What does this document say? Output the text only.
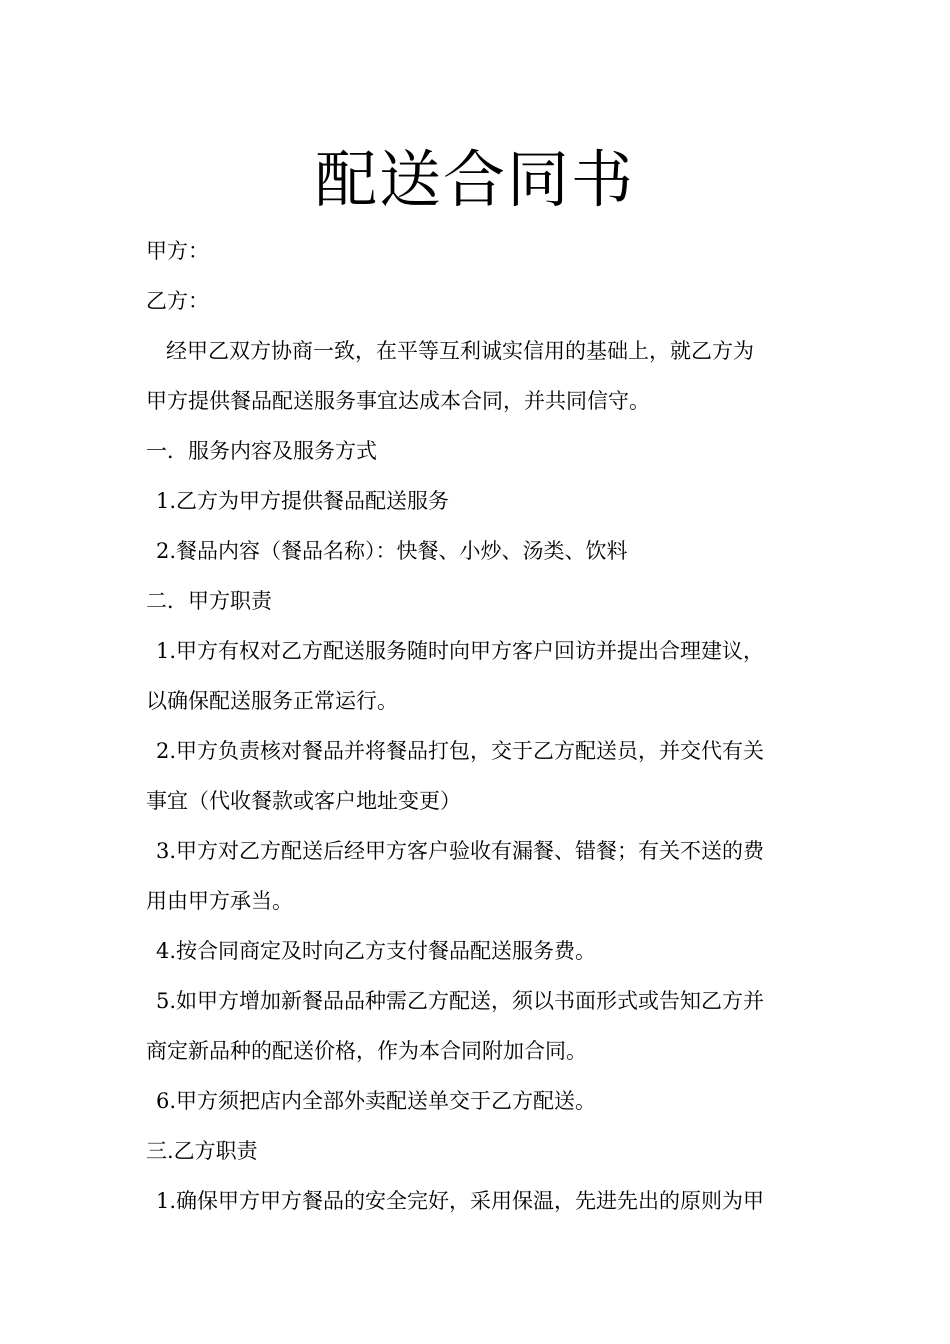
配送合同书

甲方：

乙方：

经甲乙双方协商一致，在平等互利诚实信用的基础上，就乙方为

甲方提供餐品配送服务事宜达成本合同，并共同信守。

一．服务内容及服务方式

1.乙方为甲方提供餐品配送服务

2.餐品内容（餐品名称）：快餐、小炒、汤类、饮料

二．甲方职责

1.甲方有权对乙方配送服务随时向甲方客户回访并提出合理建议，

以确保配送服务正常运行。

2.甲方负责核对餐品并将餐品打包，交于乙方配送员，并交代有关

事宜（代收餐款或客户地址变更）

3.甲方对乙方配送后经甲方客户验收有漏餐、错餐；有关不送的费

用由甲方承当。

4.按合同商定及时向乙方支付餐品配送服务费。

5.如甲方增加新餐品品种需乙方配送，须以书面形式或告知乙方并

商定新品种的配送价格，作为本合同附加合同。

6.甲方须把店内全部外卖配送单交于乙方配送。

三.乙方职责

1.确保甲方甲方餐品的安全完好，采用保温，先进先出的原则为甲
